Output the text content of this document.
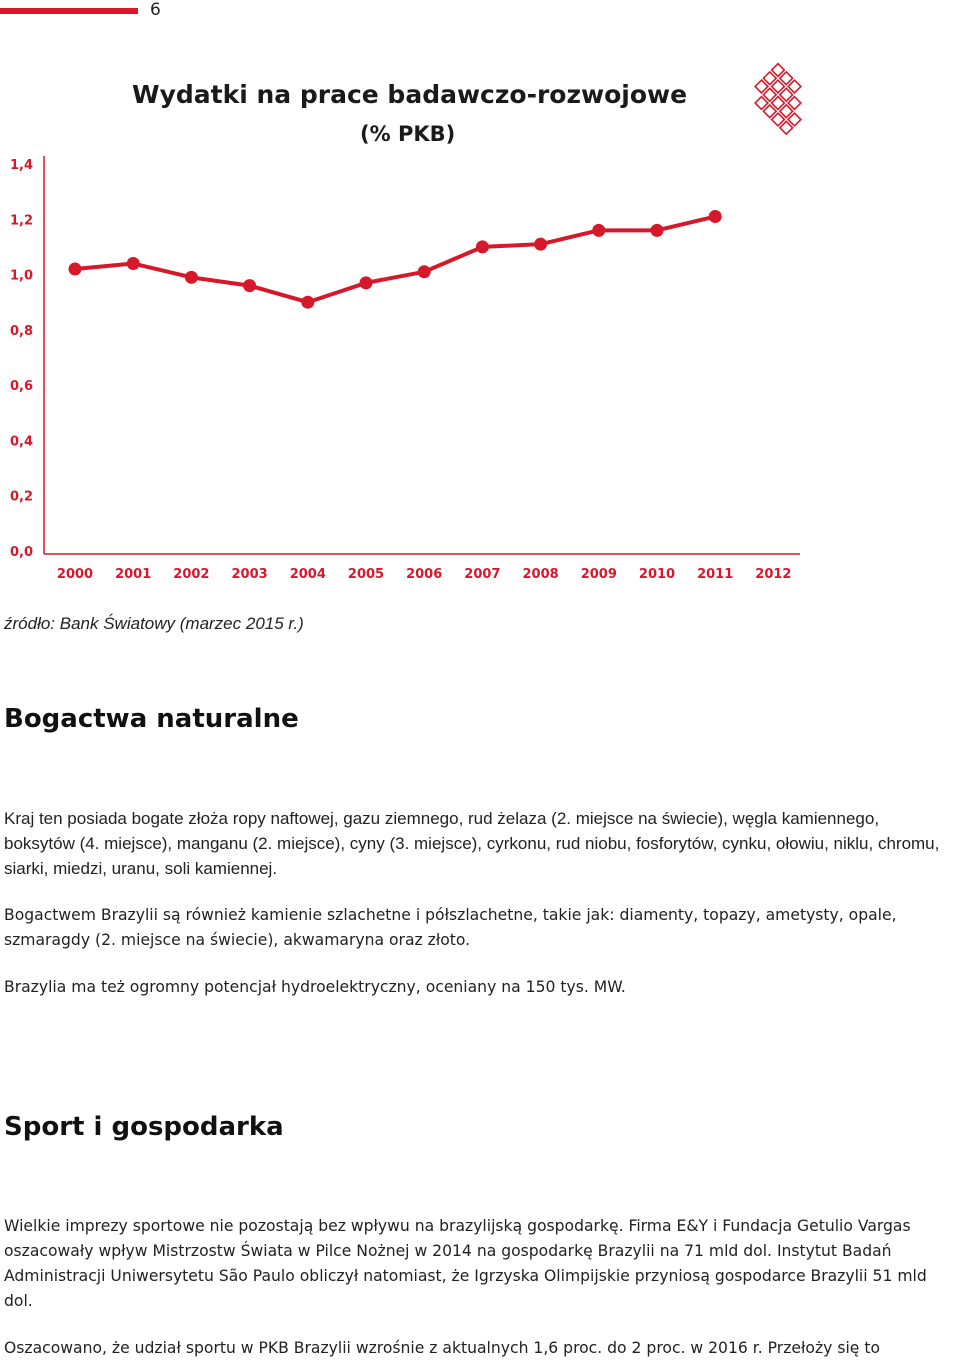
6
Wydatki na prace badawczo-rozwojowe
(% PKB)
0,0
0,2
0,4
0,6
0,8
1,0
1,2
1,4
2000 2001 2002 2003 2004 2005 2006 2007 2008 2009 2010 2011 2012
źródło: Bank Światowy (marzec 2015 r.)
Bogactwa naturalne

Kraj ten posiada bogate złoża ropy naftowej, gazu ziemnego, rud żelaza (2. miejsce na świecie), węgla kamiennego, boksytów (4. miejsce), manganu (2. miejsce), cyny (3. miejsce), cyrkonu, rud niobu, fosforytów, cynku, ołowiu, niklu, chromu, siarki, miedzi, uranu, soli kamiennej.

Bogactwem Brazylii są również kamienie szlachetne i półszlachetne, takie jak: diamenty, topazy, ametysty, opale, szmaragdy (2. miejsce na świecie), akwamaryna oraz złoto.

Brazylia ma też ogromny potencjał hydroelektryczny, oceniany na 150 tys. MW.

Sport i gospodarka

Wielkie imprezy sportowe nie pozostają bez wpływu na brazylijską gospodarkę. Firma E&Y i Fundacja Getulio Vargas oszacowały wpływ Mistrzostw Świata w Pilce Nożnej w 2014 na gospodarkę Brazylii na 71 mld dol. Instytut Badań Administracji Uniwersytetu São Paulo obliczył natomiast, że Igrzyska Olimpijskie przyniosą gospodarce Brazylii 51 mld dol.

Oszacowano, że udział sportu w PKB Brazylii wzrośnie z aktualnych 1,6 proc. do 2 proc. w 2016 r. Przełoży się to
